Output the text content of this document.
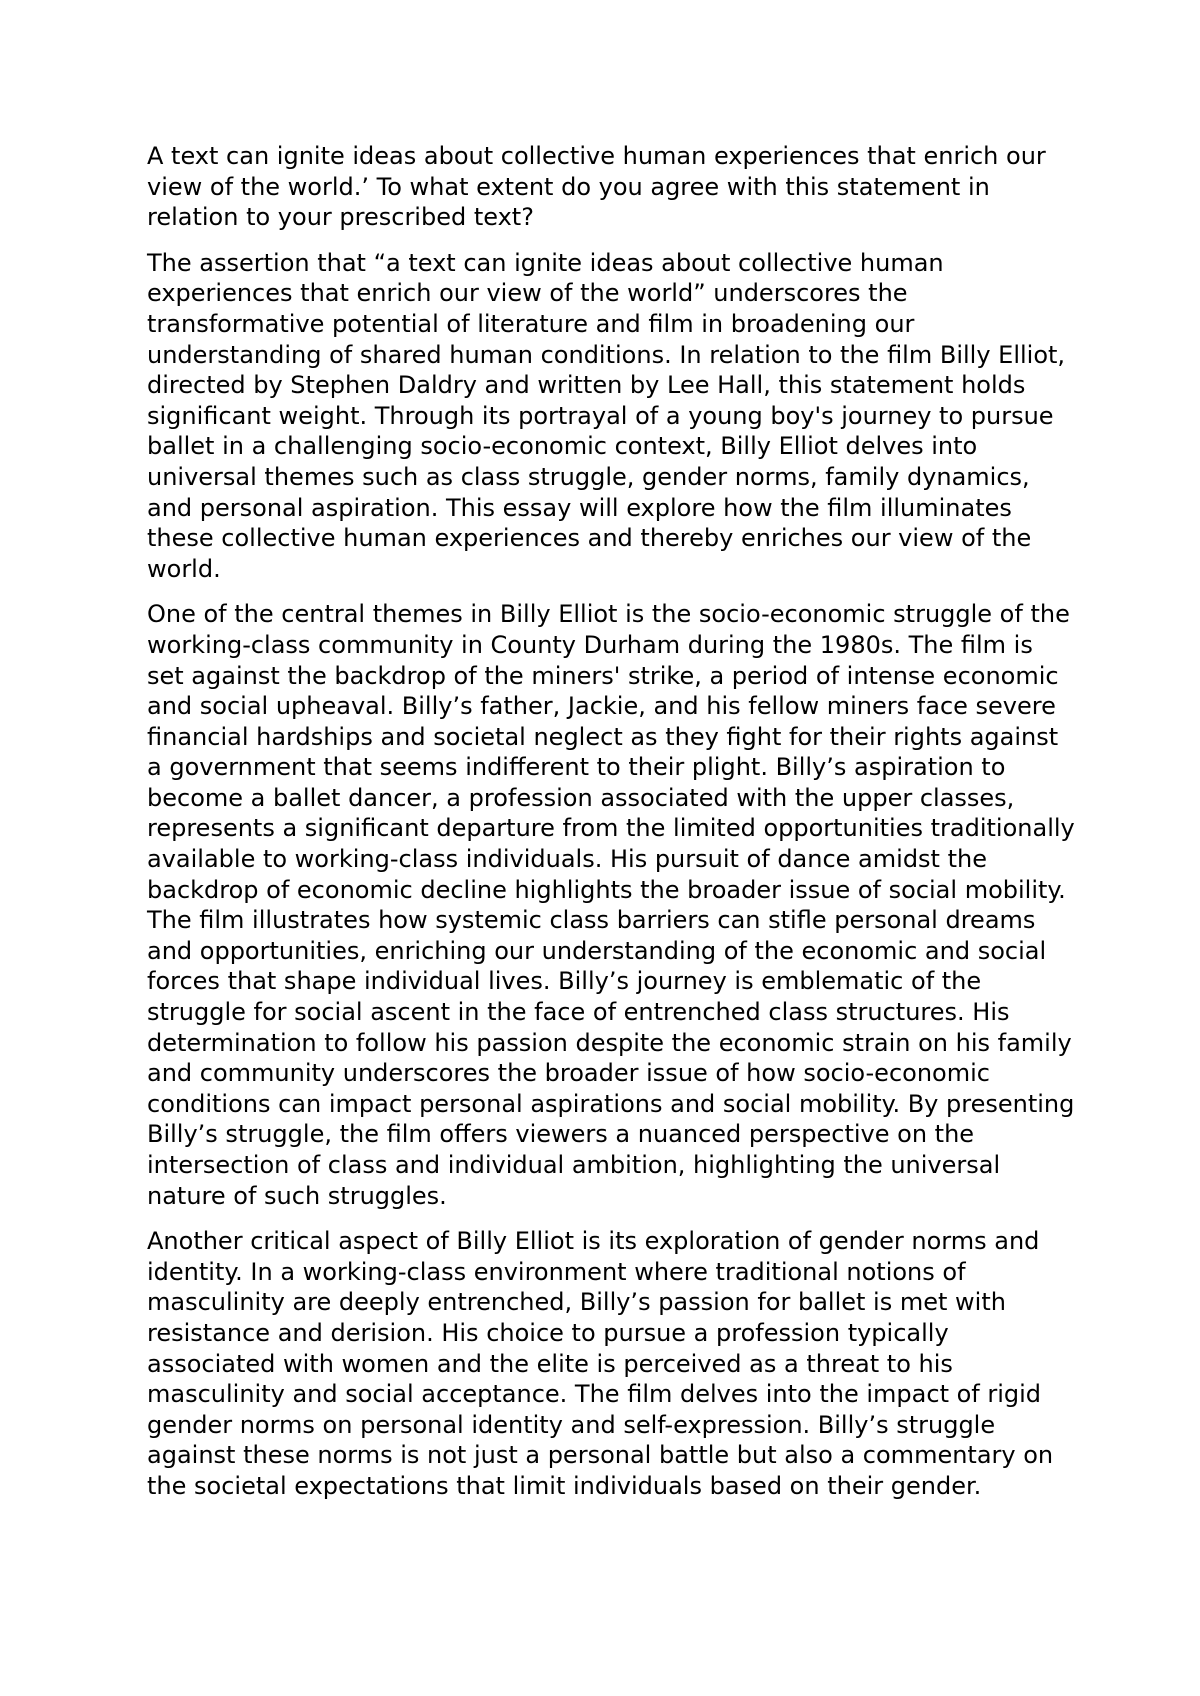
A text can ignite ideas about collective human experiences that enrich our view of the world.’ To what extent do you agree with this statement in relation to your prescribed text?

The assertion that “a text can ignite ideas about collective human experiences that enrich our view of the world” underscores the transformative potential of literature and film in broadening our understanding of shared human conditions. In relation to the film Billy Elliot, directed by Stephen Daldry and written by Lee Hall, this statement holds significant weight. Through its portrayal of a young boy's journey to pursue ballet in a challenging socio-economic context, Billy Elliot delves into universal themes such as class struggle, gender norms, family dynamics, and personal aspiration. This essay will explore how the film illuminates these collective human experiences and thereby enriches our view of the world.

One of the central themes in Billy Elliot is the socio-economic struggle of the working-class community in County Durham during the 1980s. The film is set against the backdrop of the miners' strike, a period of intense economic and social upheaval. Billy’s father, Jackie, and his fellow miners face severe financial hardships and societal neglect as they fight for their rights against a government that seems indifferent to their plight. Billy’s aspiration to become a ballet dancer, a profession associated with the upper classes, represents a significant departure from the limited opportunities traditionally available to working-class individuals. His pursuit of dance amidst the backdrop of economic decline highlights the broader issue of social mobility. The film illustrates how systemic class barriers can stifle personal dreams and opportunities, enriching our understanding of the economic and social forces that shape individual lives. Billy’s journey is emblematic of the struggle for social ascent in the face of entrenched class structures. His determination to follow his passion despite the economic strain on his family and community underscores the broader issue of how socio-economic conditions can impact personal aspirations and social mobility. By presenting Billy’s struggle, the film offers viewers a nuanced perspective on the intersection of class and individual ambition, highlighting the universal nature of such struggles.

Another critical aspect of Billy Elliot is its exploration of gender norms and identity. In a working-class environment where traditional notions of masculinity are deeply entrenched, Billy’s passion for ballet is met with resistance and derision. His choice to pursue a profession typically associated with women and the elite is perceived as a threat to his masculinity and social acceptance. The film delves into the impact of rigid gender norms on personal identity and self-expression. Billy’s struggle against these norms is not just a personal battle but also a commentary on the societal expectations that limit individuals based on their gender.
